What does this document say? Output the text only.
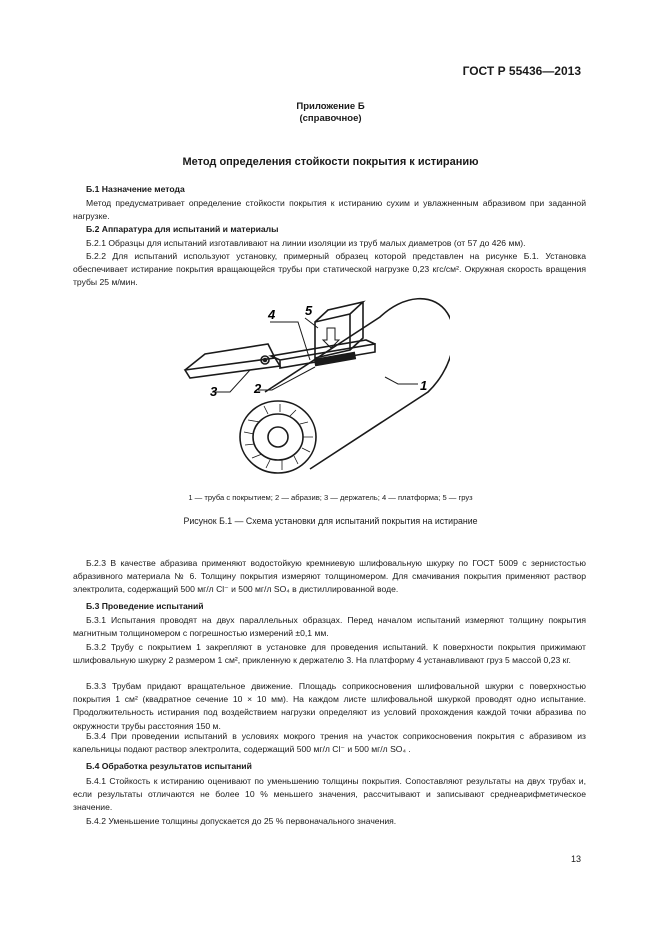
ГОСТ Р 55436—2013
Приложение Б
(справочное)
Метод определения стойкости покрытия к истиранию
Б.1 Назначение метода
Метод предусматривает определение стойкости покрытия к истиранию сухим и увлажненным абразивом при заданной нагрузке.
Б.2 Аппаратура для испытаний и материалы
Б.2.1 Образцы для испытаний изготавливают на линии изоляции из труб малых диаметров (от 57 до 426 мм).
Б.2.2 Для испытаний используют установку, примерный образец которой представлен на рисунке Б.1. Установка обеспечивает истирание покрытия вращающейся трубы при статической нагрузке 0,23 кгс/см². Окружная скорость вращения трубы 25 м/мин.
4 5
3	2	1
1 — труба с покрытием; 2 — абразив; 3 — держатель; 4 — платформа; 5 — груз
Рисунок Б.1 — Схема установки для испытаний покрытия на истирание
Б.2.3 В качестве абразива применяют водостойкую кремниевую шлифовальную шкурку по ГОСТ 5009 с зернистостью абразивного материала № 6. Толщину покрытия измеряют толщиномером. Для смачивания покрытия применяют раствор электролита, содержащий 500 мг/л Cl⁻ и 500 мг/л SO₄ в дистиллированной воде.
Б.3 Проведение испытаний
Б.3.1 Испытания проводят на двух параллельных образцах. Перед началом испытаний измеряют толщину покрытия магнитным толщиномером с погрешностью измерений ±0,1 мм.
Б.3.2 Трубу с покрытием 1 закрепляют в установке для проведения испытаний. К поверхности покрытия прижимают шлифовальную шкурку 2 размером 1 см², прикленную к держателю 3. На платформу 4 устанавливают груз 5 массой 0,23 кг.
Б.3.3 Трубам придают вращательное движение. Площадь соприкосновения шлифовальной шкурки с поверхностью покрытия 1 см² (квадратное сечение 10 × 10 мм). На каждом листе шлифовальной шкуркой проводят одно испытание. Продолжительность истирания под воздействием нагрузки определяют из условий прохождения каждой точки абразива по окружности трубы расстояния 150 м.
Б.3.4 При проведении испытаний в условиях мокрого трения на участок соприкосновения покрытия с абразивом из капельницы подают раствор электролита, содержащий 500 мг/л Cl⁻ и 500 мг/л SO₄ .
Б.4 Обработка результатов испытаний
Б.4.1 Стойкость к истиранию оценивают по уменьшению толщины покрытия. Сопоставляют результаты на двух трубах и, если результаты отличаются не более 10 % меньшего значения, рассчитывают и записывают среднеарифметическое значение.
Б.4.2 Уменьшение толщины допускается до 25 % первоначального значения.
13
